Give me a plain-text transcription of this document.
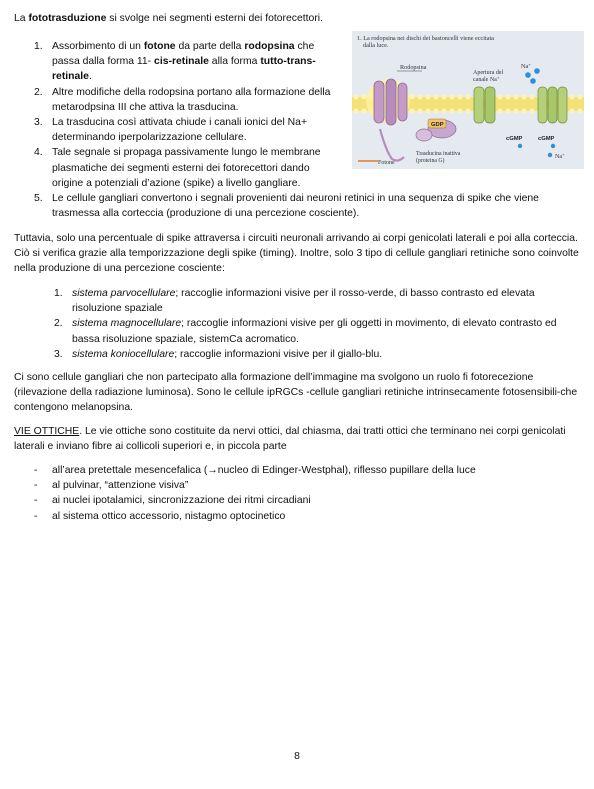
La fototrasduzione si svolge nei segmenti esterni dei fotorecettori.

1. Assorbimento di un fotone da parte della rodopsina che passa dalla forma 11- cis-retinale alla forma tutto-trans-retinale.
2. Altre modifiche della rodopsina portano alla formazione della metarodpsina III che attiva la trasducina.
3. La trasducina così attivata chiude i canali ionici del Na+ determinando iperpolarizzazione cellulare.
4. Tale segnale si propaga passivamente lungo le membrane plasmatiche dei segmenti esterni dei fotorecettori dando origine a potenziali d’azione (spike) a livello gangliare.
5. Le cellule gangliari convertono i segnali provenienti dai neuroni retinici in una sequenza di spike che viene trasmessa alla corteccia (produzione di una percezione cosciente).
1. La rodopsina nei dischi dei bastoncelli viene eccitata
dalla luce.
Rodopsina
GDP
Apertura del
canale Na+
Na+
cGMP	cGMP
Na+
Trasducina inattiva
(proteina G)
Fotone

Tuttavia, solo una percentuale di spike attraversa i circuiti neuronali arrivando ai corpi genicolati laterali e poi alla corteccia. Ciò si verifica grazie alla temporizzazione degli spike (timing). Inoltre, solo 3 tipo di cellule gangliari retiniche sono coinvolte nella produzione di una percezione cosciente:

1. sistema parvocellulare; raccoglie informazioni visive per il rosso-verde, di basso contrasto ed elevata risoluzione spaziale
2. sistema magnocellulare; raccoglie informazioni visive per gli oggetti in movimento, di elevato contrasto ed bassa risoluzione spaziale, sistemCa acromatico.
3. sistema koniocellulare; raccoglie informazioni visive per il giallo-blu.

Ci sono cellule gangliari che non partecipato alla formazione dell’immagine ma svolgono un ruolo fi fotorecezione (rilevazione della radiazione luminosa). Sono le cellule ipRGCs -cellule gangliari retiniche intrinsecamente fotosensibili-che contengono melanopsina.

VIE OTTICHE. Le vie ottiche sono costituite da nervi ottici, dal chiasma, dai tratti ottici che terminano nei corpi genicolati laterali e inviano fibre ai collicoli superiori e, in piccola parte

- all’area pretettale mesencefalica (→nucleo di Edinger-Westphal), riflesso pupillare della luce
- al pulvinar, “attenzione visiva”
- ai nuclei ipotalamici, sincronizzazione dei ritmi circadiani
- al sistema ottico accessorio, nistagmo optocinetico
8
